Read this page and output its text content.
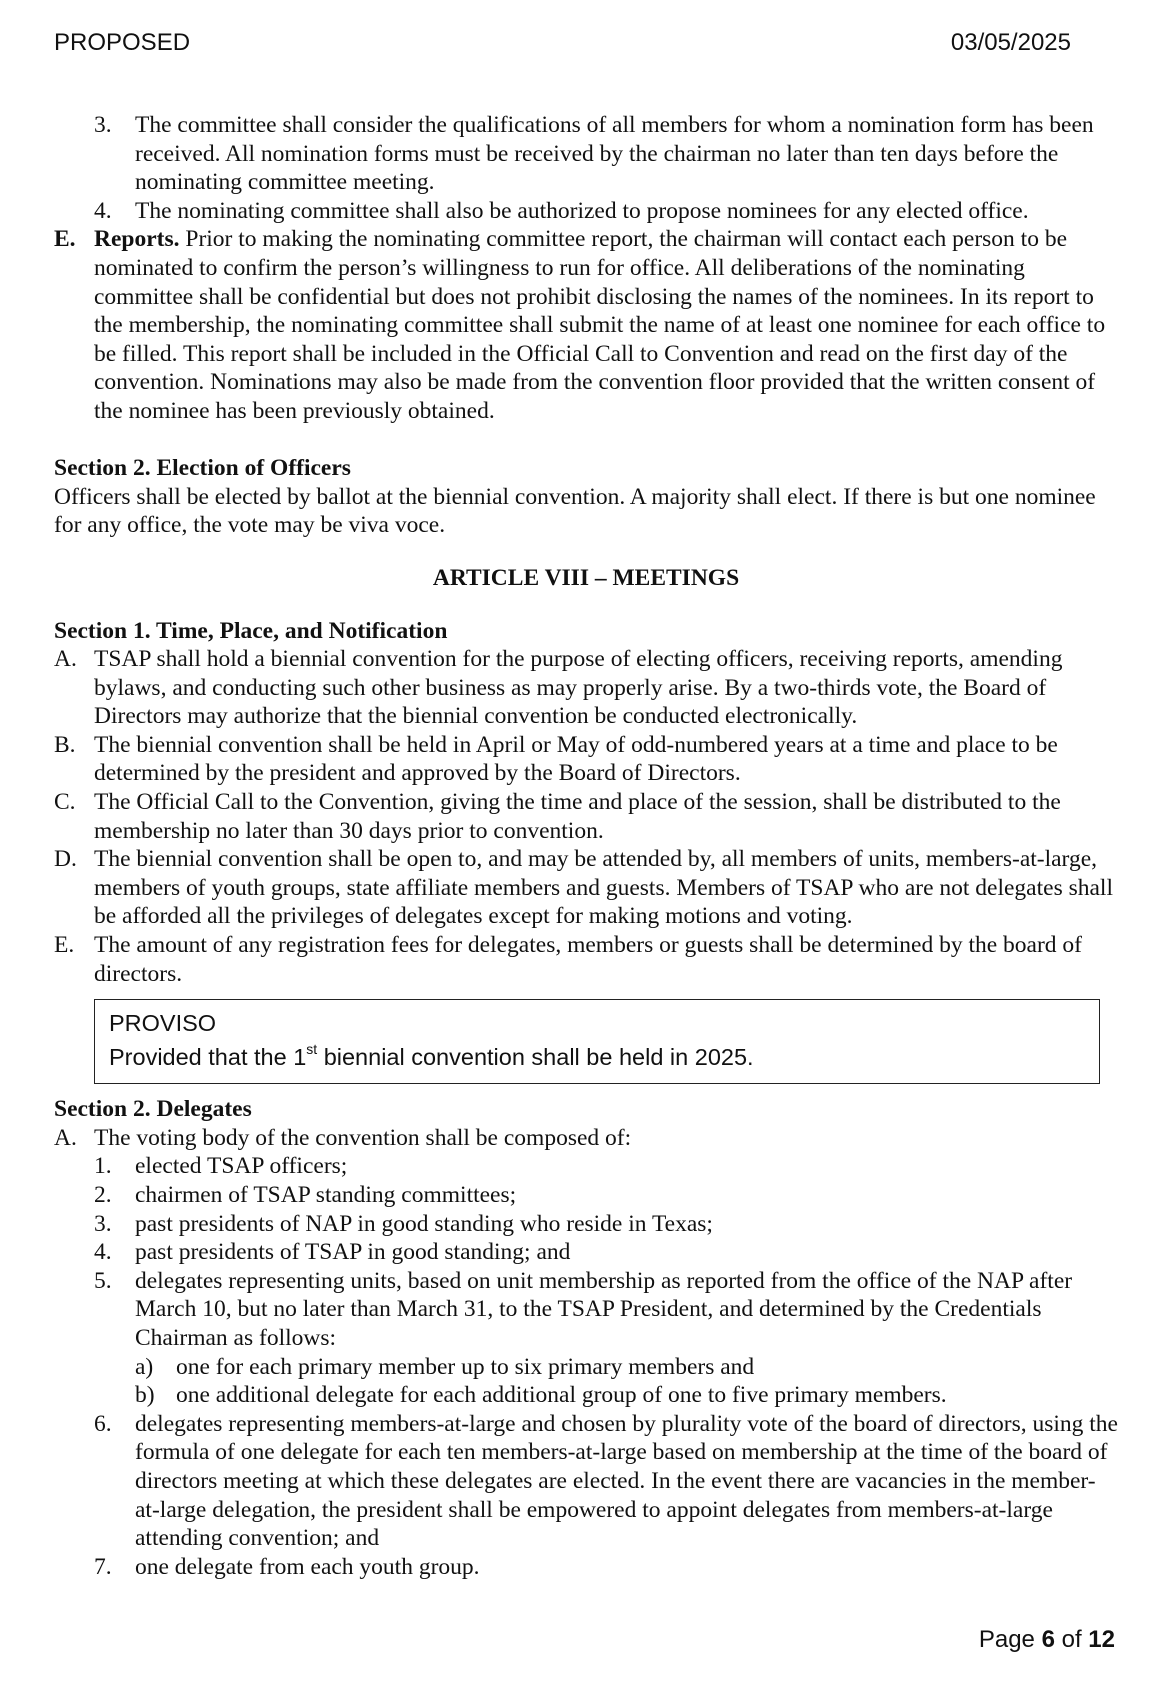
PROPOSED	03/05/2025
3. The committee shall consider the qualifications of all members for whom a nomination form has been received. All nomination forms must be received by the chairman no later than ten days before the nominating committee meeting.
4. The nominating committee shall also be authorized to propose nominees for any elected office.
E. Reports. Prior to making the nominating committee report, the chairman will contact each person to be nominated to confirm the person’s willingness to run for office. All deliberations of the nominating committee shall be confidential but does not prohibit disclosing the names of the nominees. In its report to the membership, the nominating committee shall submit the name of at least one nominee for each office to be filled. This report shall be included in the Official Call to Convention and read on the first day of the convention. Nominations may also be made from the convention floor provided that the written consent of the nominee has been previously obtained.
Section 2. Election of Officers
Officers shall be elected by ballot at the biennial convention. A majority shall elect. If there is but one nominee for any office, the vote may be viva voce.
ARTICLE VIII – MEETINGS
Section 1. Time, Place, and Notification
A. TSAP shall hold a biennial convention for the purpose of electing officers, receiving reports, amending bylaws, and conducting such other business as may properly arise. By a two-thirds vote, the Board of Directors may authorize that the biennial convention be conducted electronically.
B. The biennial convention shall be held in April or May of odd-numbered years at a time and place to be determined by the president and approved by the Board of Directors.
C. The Official Call to the Convention, giving the time and place of the session, shall be distributed to the membership no later than 30 days prior to convention.
D. The biennial convention shall be open to, and may be attended by, all members of units, members-at-large, members of youth groups, state affiliate members and guests. Members of TSAP who are not delegates shall be afforded all the privileges of delegates except for making motions and voting.
E. The amount of any registration fees for delegates, members or guests shall be determined by the board of directors.
PROVISO
Provided that the 1st biennial convention shall be held in 2025.
Section 2. Delegates
A. The voting body of the convention shall be composed of:
1. elected TSAP officers;
2. chairmen of TSAP standing committees;
3. past presidents of NAP in good standing who reside in Texas;
4. past presidents of TSAP in good standing; and
5. delegates representing units, based on unit membership as reported from the office of the NAP after March 10, but no later than March 31, to the TSAP President, and determined by the Credentials Chairman as follows:
a) one for each primary member up to six primary members and
b) one additional delegate for each additional group of one to five primary members.
6. delegates representing members-at-large and chosen by plurality vote of the board of directors, using the formula of one delegate for each ten members-at-large based on membership at the time of the board of directors meeting at which these delegates are elected. In the event there are vacancies in the member-at-large delegation, the president shall be empowered to appoint delegates from members-at-large attending convention; and
7. one delegate from each youth group.
Page 6 of 12
